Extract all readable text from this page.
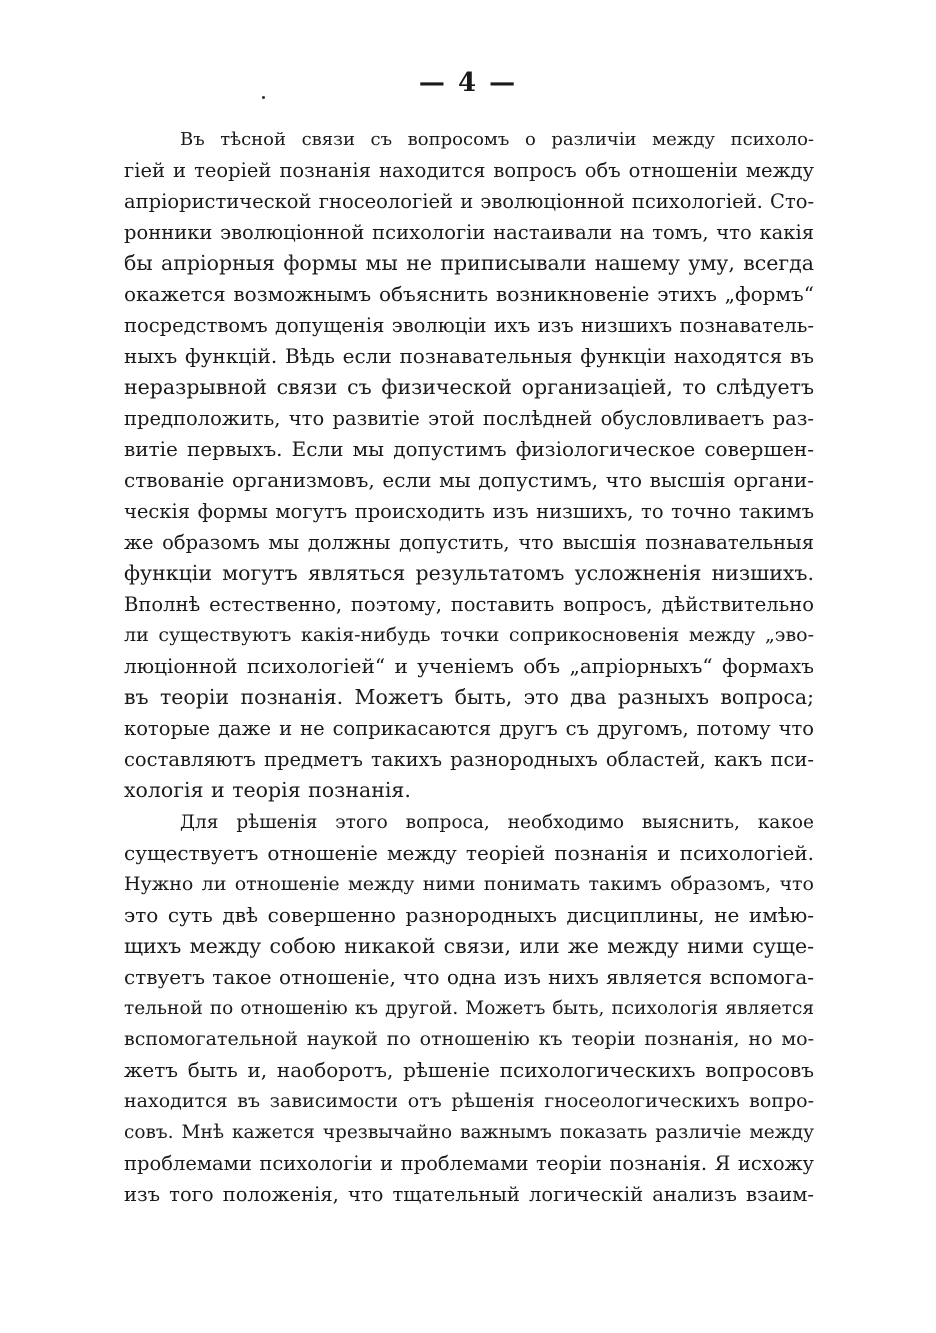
— 4 —
Въ тѣсной связи съ вопросомъ о различіи между психоло-
гіей и теоріей познанія находится вопросъ объ отношеніи между
апріористической гносеологіей и эволюціонной психологіей. Сто-
ронники эволюціонной психологіи настаивали на томъ, что какія
бы апріорныя формы мы не приписывали нашему уму, всегда
окажется возможнымъ объяснить возникновеніе этихъ „формъ“
посредствомъ допущенія эволюціи ихъ изъ низшихъ познаватель-
ныхъ функцій. Вѣдь если познавательныя функціи находятся въ
неразрывной связи съ физической организаціей, то слѣдуетъ
предположить, что развитіе этой послѣдней обусловливаетъ раз-
витіе первыхъ. Если мы допустимъ физіологическое совершен-
ствованіе организмовъ, если мы допустимъ, что высшія органи-
ческія формы могутъ происходить изъ низшихъ, то точно такимъ
же образомъ мы должны допустить, что высшія познавательныя
функціи могутъ являться результатомъ усложненія низшихъ.
Вполнѣ естественно, поэтому, поставить вопросъ, дѣйствительно
ли существуютъ какія-нибудь точки соприкосновенія между „эво-
люціонной психологіей“ и ученіемъ объ „апріорныхъ“ формахъ
въ теоріи познанія. Можетъ быть, это два разныхъ вопроса;
которые даже и не соприкасаются другъ съ другомъ, потому что
составляютъ предметъ такихъ разнородныхъ областей, какъ пси-
хологія и теорія познанія.
Для рѣшенія этого вопроса, необходимо выяснить, какое
существуетъ отношеніе между теоріей познанія и психологіей.
Нужно ли отношеніе между ними понимать такимъ образомъ, что
это суть двѣ совершенно разнородныхъ дисциплины, не имѣю-
щихъ между собою никакой связи, или же между ними суще-
ствуетъ такое отношеніе, что одна изъ нихъ является вспомога-
тельной по отношенію къ другой. Можетъ быть, психологія является
вспомогательной наукой по отношенію къ теоріи познанія, но мо-
жетъ быть и, наоборотъ, рѣшеніе психологическихъ вопросовъ
находится въ зависимости отъ рѣшенія гносеологическихъ вопро-
совъ. Мнѣ кажется чрезвычайно важнымъ показать различіе между
проблемами психологіи и проблемами теоріи познанія. Я исхожу
изъ того положенія, что тщательный логическій анализъ взаим-
